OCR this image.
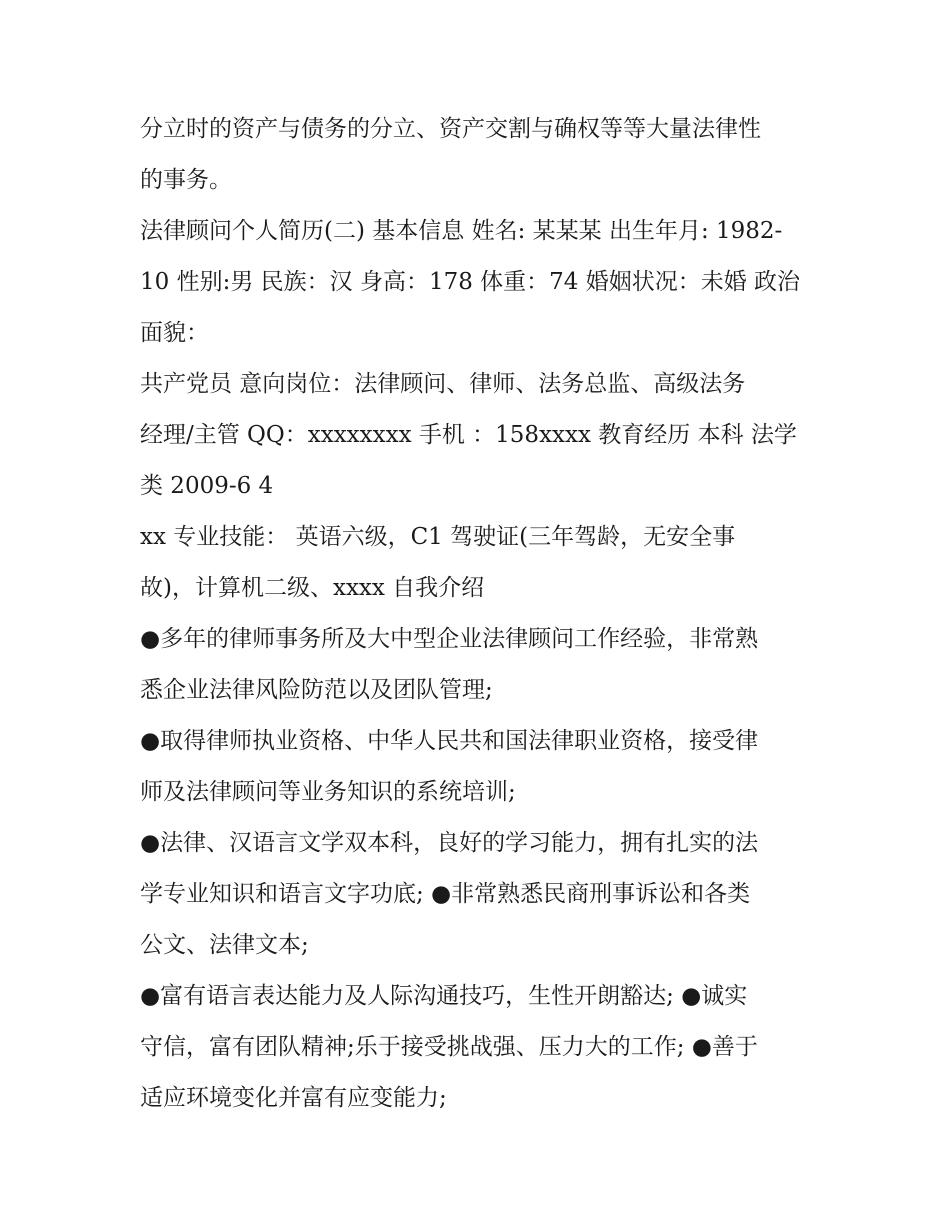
分立时的资产与债务的分立、资产交割与确权等等大量法律性
的事务。
法律顾问个人简历(二) 基本信息 姓名: 某某某 出生年月: 1982-
10 性别:男 民族：汉 身高：178 体重：74 婚姻状况：未婚 政治
面貌：
共产党员 意向岗位：法律顾问、律师、法务总监、高级法务
经理/主管 QQ：xxxxxxxx 手机 ：158xxxx 教育经历 本科 法学
类 2009-6 4
xx 专业技能： 英语六级，C1 驾驶证(三年驾龄，无安全事
故)，计算机二级、xxxx 自我介绍
●多年的律师事务所及大中型企业法律顾问工作经验，非常熟
悉企业法律风险防范以及团队管理;
●取得律师执业资格、中华人民共和国法律职业资格，接受律
师及法律顾问等业务知识的系统培训;
●法律、汉语言文学双本科，良好的学习能力，拥有扎实的法
学专业知识和语言文字功底; ●非常熟悉民商刑事诉讼和各类
公文、法律文本;
●富有语言表达能力及人际沟通技巧，生性开朗豁达; ●诚实
守信，富有团队精神;乐于接受挑战强、压力大的工作; ●善于
适应环境变化并富有应变能力;
